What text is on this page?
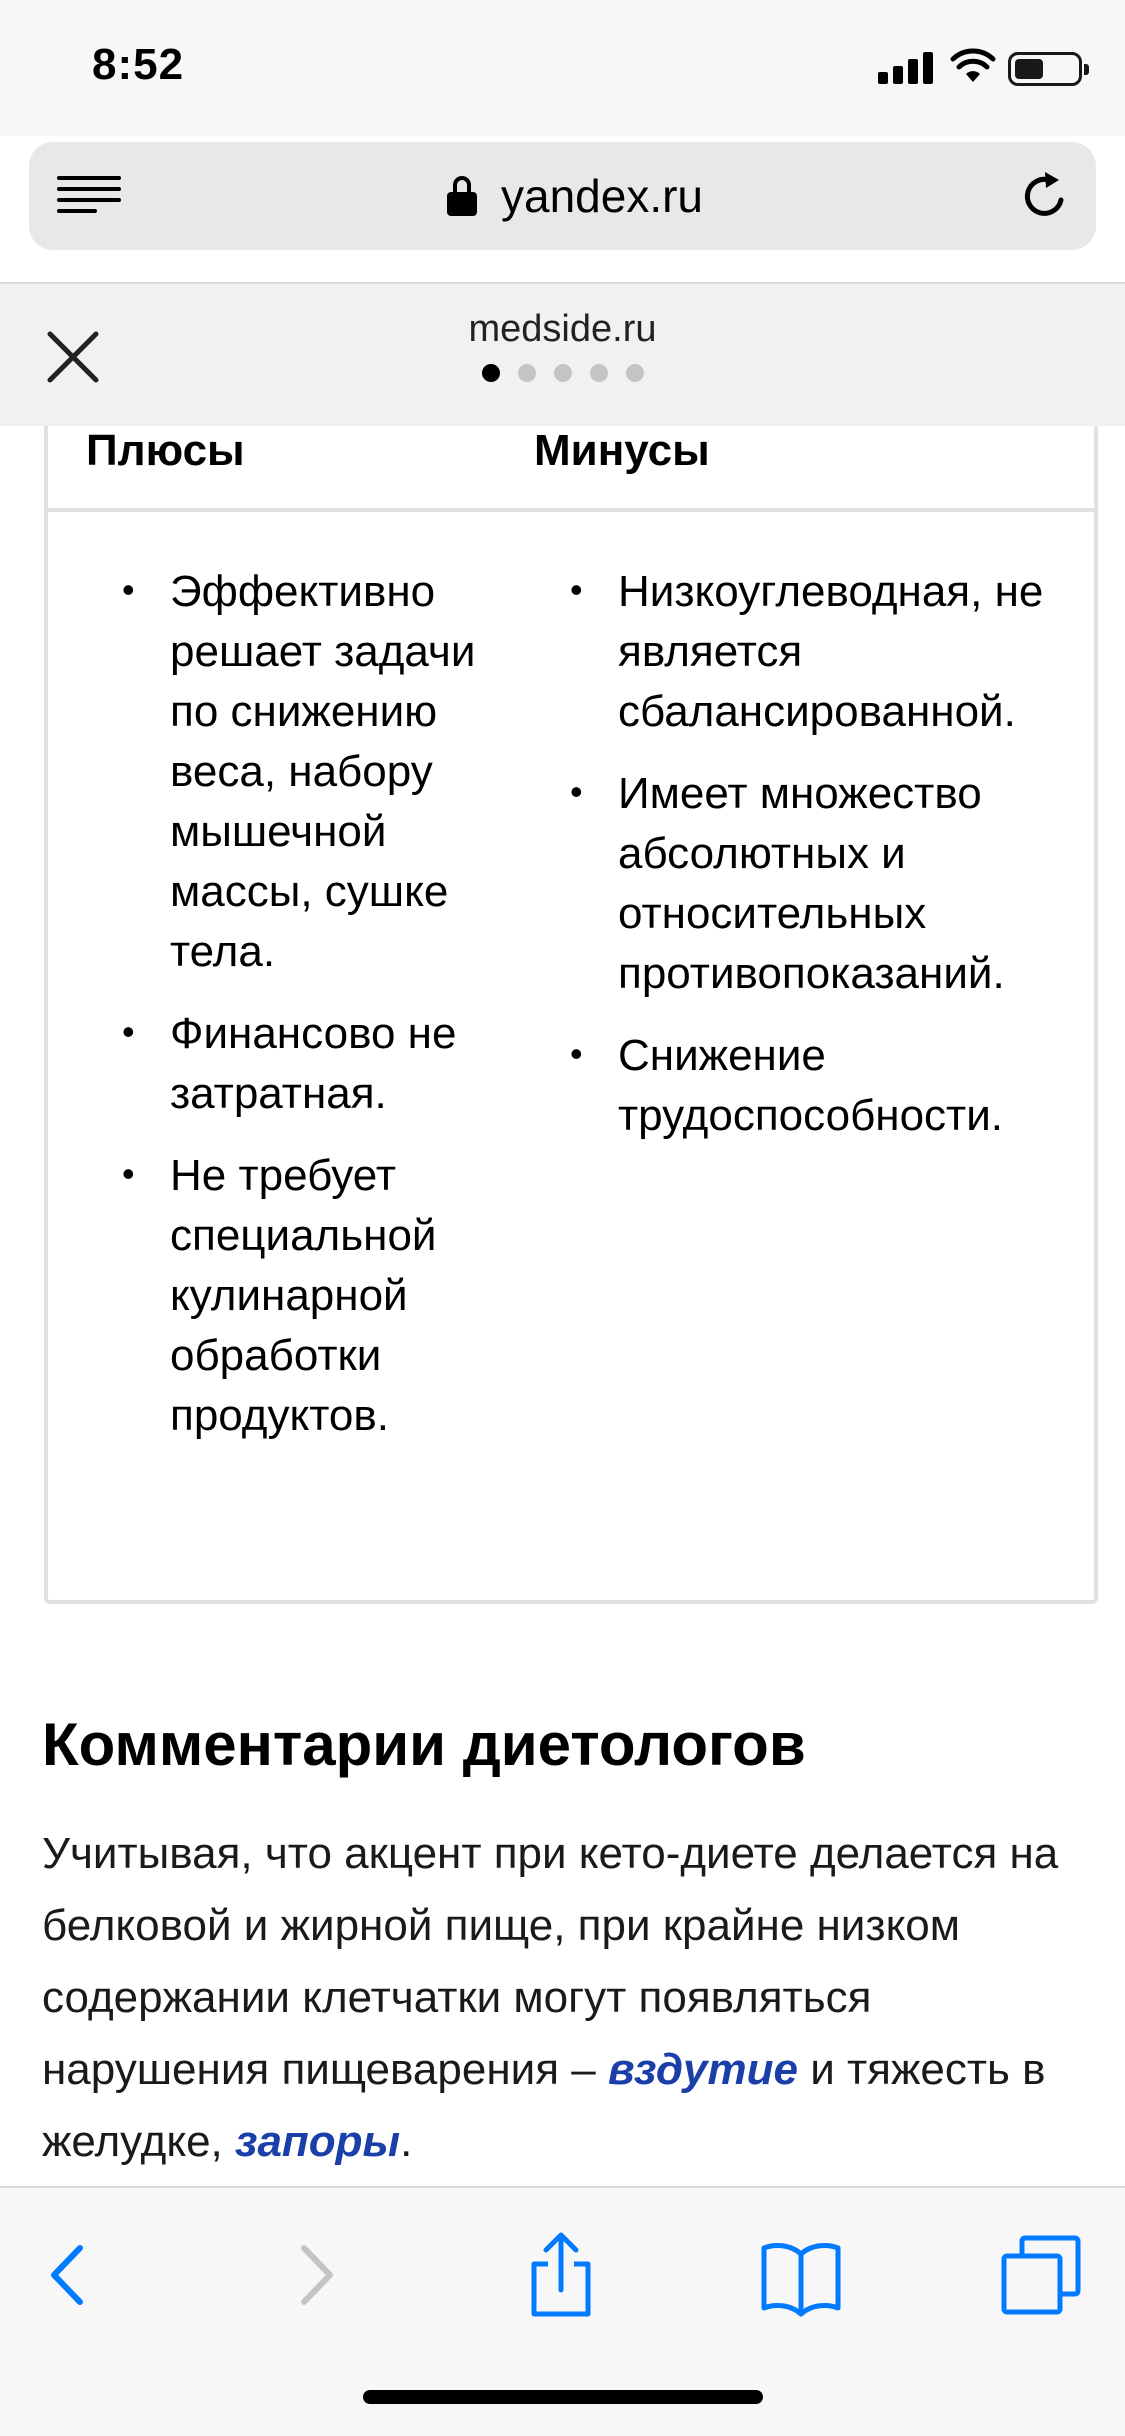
8:52
yandex.ru
medside.ru
Плюсы	Минусы
• Эффективно решает задачи по снижению веса, набору мышечной массы, сушке тела.
• Финансово не затратная.
• Не требует специальной кулинарной обработки продуктов.
• Низкоуглеводная, не является сбалансированной.
• Имеет множество абсолютных и относительных противопоказаний.
• Снижение трудоспособности.
Комментарии диетологов

Учитывая, что акцент при кето-диете делается на белковой и жирной пище, при крайне низком содержании клетчатки могут появляться нарушения пищеварения – вздутие и тяжесть в желудке, запоры.
